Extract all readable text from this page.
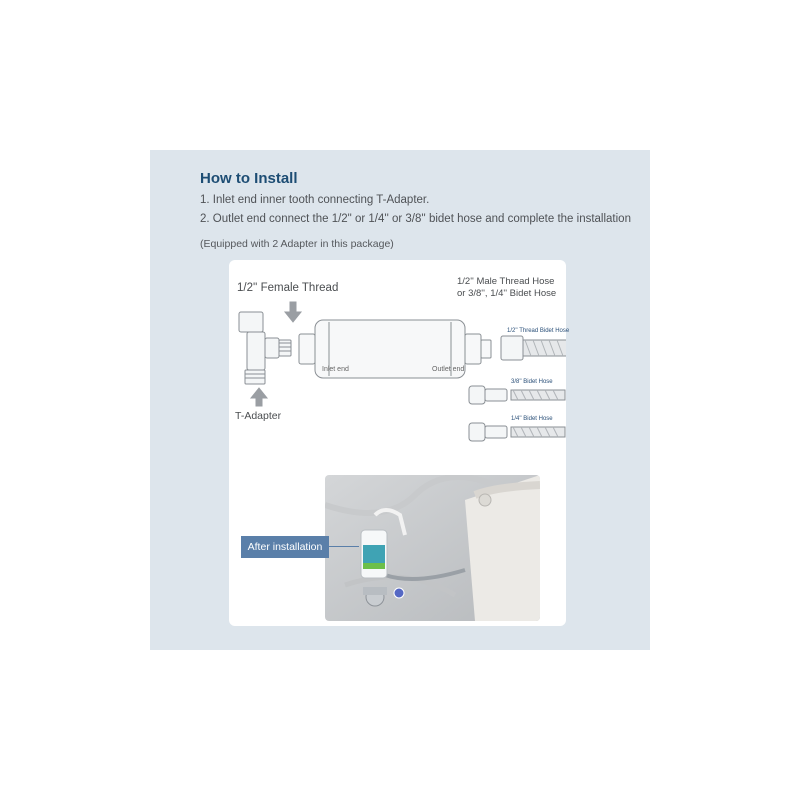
How to Install
1. Inlet end inner tooth connecting T-Adapter.
2. Outlet end connect the 1/2" or 1/4'' or 3/8'' bidet hose and complete the installation
(Equipped with 2 Adapter in this package)
1/2'' Female Thread
1/2'' Male Thread Hose
or 3/8'', 1/4'' Bidet Hose
T-Adapter
Inlet end	Outlet end
1/2'' Thread Bidet Hose
3/8'' Bidet Hose
1/4'' Bidet Hose
After installation
